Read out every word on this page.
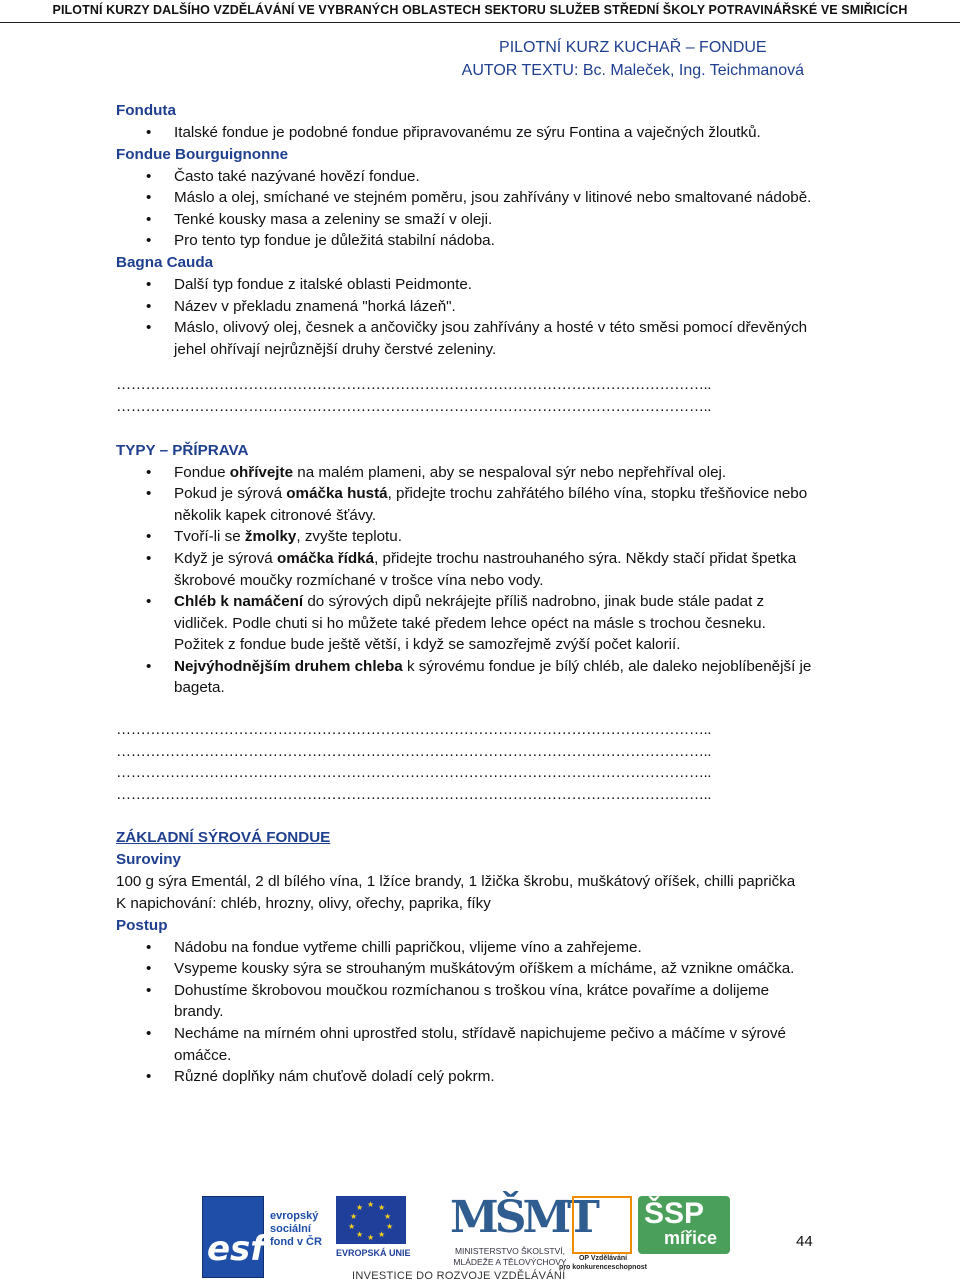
PILOTNÍ KURZY DALŠÍHO VZDĚLÁVÁNÍ VE VYBRANÝCH OBLASTECH SEKTORU SLUŽEB STŘEDNÍ ŠKOLY POTRAVINÁŘSKÉ VE SMIŘICÍCH
PILOTNÍ KURZ KUCHAŘ – FONDUE
AUTOR TEXTU: Bc. Maleček, Ing. Teichmanová

Fonduta

• Italské fondue je podobné fondue připravovanému ze sýru Fontina a vaječných žloutků.

Fondue Bourguignonne

• Často také nazývané hovězí fondue.
• Máslo a olej, smíchané ve stejném poměru, jsou zahřívány v litinové nebo smaltované nádobě.
• Tenké kousky masa a zeleniny se smaží v oleji.
• Pro tento typ fondue je důležitá stabilní nádoba.

Bagna Cauda

• Další typ fondue z italské oblasti Peidmonte.
• Název v překladu znamená "horká lázeň".
• Máslo, olivový olej, česnek a ančovičky jsou zahřívány a hosté v této směsi pomocí dřevěných jehel ohřívají nejrůznější druhy čerstvé zeleniny.

…………………………………………………………………………………………………………..

…………………………………………………………………………………………………………..

TYPY – PŘÍPRAVA

• Fondue ohřívejte na malém plameni, aby se nespaloval sýr nebo nepřehříval olej.
• Pokud je sýrová omáčka hustá, přidejte trochu zahřátého bílého vína, stopku třešňovice nebo několik kapek citronové šťávy.
• Tvoří-li se žmolky, zvyšte teplotu.
• Když je sýrová omáčka řídká, přidejte trochu nastrouhaného sýra. Někdy stačí přidat špetka škrobové moučky rozmíchané v trošce vína nebo vody.
• Chléb k namáčení do sýrových dipů nekrájejte příliš nadrobno, jinak bude stále padat z vidliček. Podle chuti si ho můžete také předem lehce opéct na másle s trochou česneku. Požitek z fondue bude ještě větší, i když se samozřejmě zvýší počet kalorií.
• Nejvýhodnějším druhem chleba k sýrovému fondue je bílý chléb, ale daleko nejoblíbenější je bageta.

…………………………………………………………………………………………………………..

…………………………………………………………………………………………………………..

…………………………………………………………………………………………………………..

…………………………………………………………………………………………………………..

ZÁKLADNÍ SÝROVÁ FONDUE

Suroviny

100 g sýra Ementál, 2 dl bílého vína, 1 lžíce brandy, 1 lžička škrobu, muškátový oříšek, chilli paprička

K napichování: chléb, hrozny, olivy, ořechy, paprika, fíky

Postup

• Nádobu na fondue vytřeme chilli papričkou, vlijeme víno a zahřejeme.
• Vsypeme kousky sýra se strouhaným muškátovým oříškem a mícháme, až vznikne omáčka.
• Dohustíme škrobovou moučkou rozmíchanou s troškou vína, krátce povaříme a dolijeme brandy.
• Necháme na mírném ohni uprostřed stolu, střídavě napichujeme pečivo a máčíme v sýrové omáčce.
• Různé doplňky nám chuťově doladí celý pokrm.
esf
evropský
sociální
fond v ČR
★ ★
★
★
★
★
★
★
★
★
EVROPSKÁ UNIE
MŠMT
MINISTERSTVO ŠKOLSTVÍ,
MLÁDEŽE A TĚLOVÝCHOVY	OP Vzdělávání
pro konkurenceschopnost
ŠSP
mířice
INVESTICE DO ROZVOJE VZDĚLÁVÁNÍ
44
